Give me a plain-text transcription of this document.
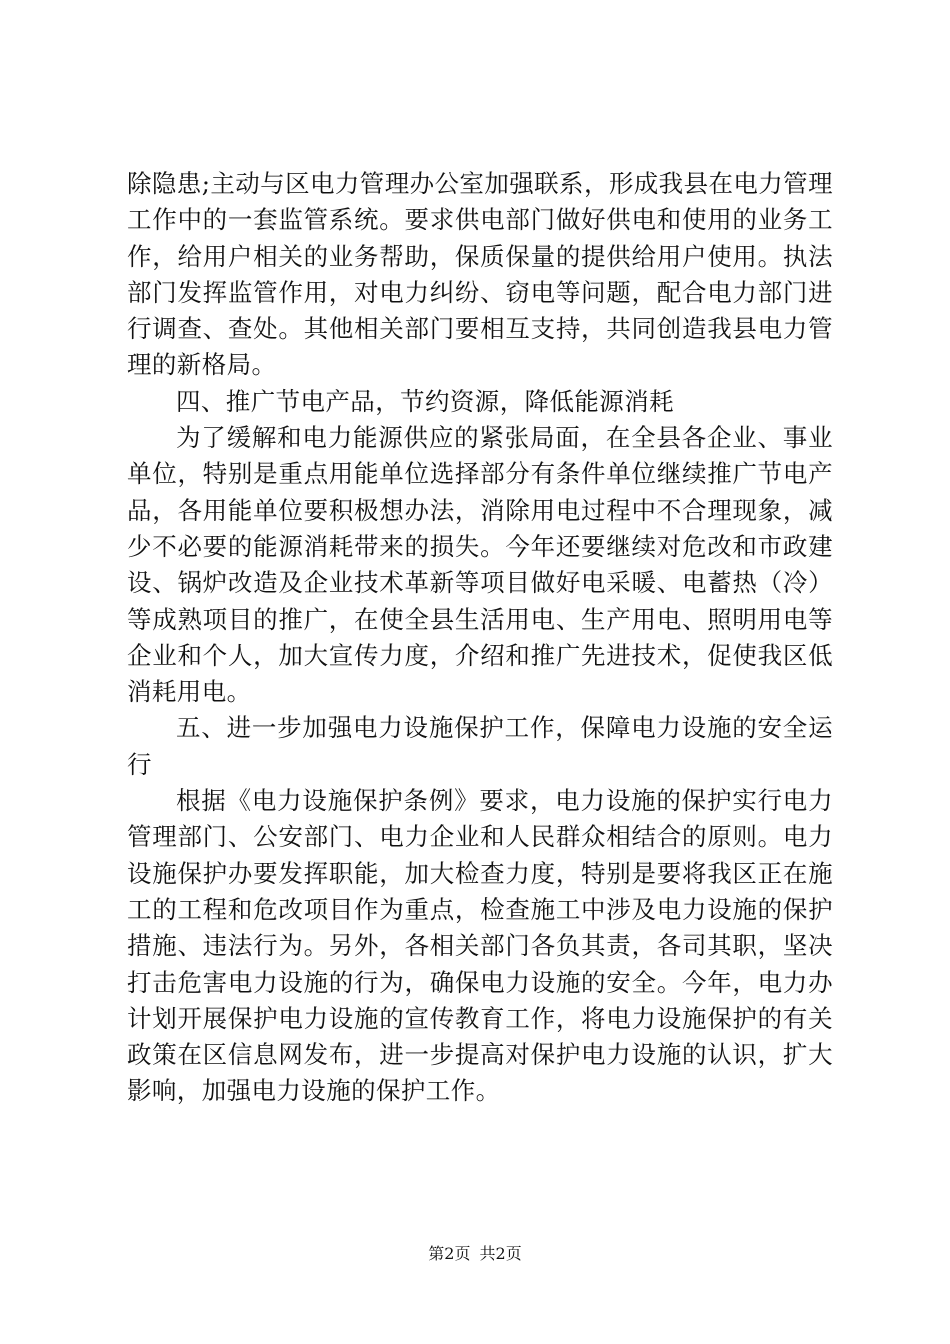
除隐患;主动与区电力管理办公室加强联系，形成我县在电力管理工作中的一套监管系统。要求供电部门做好供电和使用的业务工作，给用户相关的业务帮助，保质保量的提供给用户使用。执法部门发挥监管作用，对电力纠纷、窃电等问题，配合电力部门进行调查、查处。其他相关部门要相互支持，共同创造我县电力管理的新格局。

四、推广节电产品，节约资源，降低能源消耗

为了缓解和电力能源供应的紧张局面，在全县各企业、事业单位，特别是重点用能单位选择部分有条件单位继续推广节电产品，各用能单位要积极想办法，消除用电过程中不合理现象，减少不必要的能源消耗带来的损失。今年还要继续对危改和市政建设、锅炉改造及企业技术革新等项目做好电采暖、电蓄热（冷）等成熟项目的推广，在使全县生活用电、生产用电、照明用电等企业和个人，加大宣传力度，介绍和推广先进技术，促使我区低消耗用电。

五、进一步加强电力设施保护工作，保障电力设施的安全运行

根据《电力设施保护条例》要求，电力设施的保护实行电力管理部门、公安部门、电力企业和人民群众相结合的原则。电力设施保护办要发挥职能，加大检查力度，特别是要将我区正在施工的工程和危改项目作为重点，检查施工中涉及电力设施的保护措施、违法行为。另外，各相关部门各负其责，各司其职，坚决打击危害电力设施的行为，确保电力设施的安全。今年，电力办计划开展保护电力设施的宣传教育工作，将电力设施保护的有关政策在区信息网发布，进一步提高对保护电力设施的认识，扩大影响，加强电力设施的保护工作。

第2页 共2页
